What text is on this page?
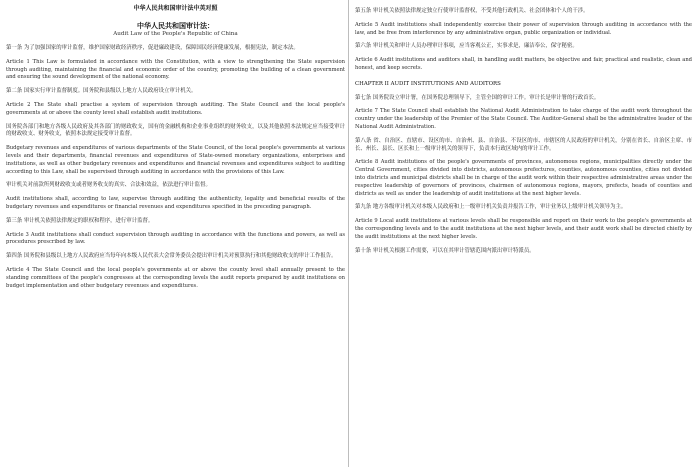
中华人民共和国审计法中英对照
中华人民共和国审计法：
Audit Law of the People's Republic of China

第一条 为了加强国家的审计监督，维护国家财政经济秩序，促进廉政建设，保障国民经济健康发展，根据宪法，制定本法。

Article 1 This Law is formulated in accordance with the Constitution, with a view to strengthening the State supervision through auditing, maintaining the financial and economic order of the country, promoting the building of a clean government and ensuring the sound development of the national economy.

第二条 国家实行审计监督制度。国务院和县级以上地方人民政府设立审计机关。

Article 2 The State shall practise a system of supervision through auditing. The State Council and the local people's governments at or above the county level shall establish audit institutions.

国务院各部门和地方各级人民政府及其各部门的财政收支，国有的金融机构和企业事业组织的财务收支，以及其他依照本法规定应当接受审计的财政收支、财务收支，依照本法规定接受审计监督。

Budgetary revenues and expenditures of various departments of the State Council, of the local people's governments at various levels and their departments, financial revenues and expenditures of State-owned monetary organizations, enterprises and institutions, as well as other budgetary revenues and expenditures and financial revenues and expenditures subject to auditing according to this Law, shall be supervised through auditing in accordance with the provisions of this Law.

审计机关对前款所列财政收支或者财务收支的真实、合法和效益，依法进行审计监督。

Audit institutions shall, according to law, supervise through auditing the authenticity, legality and beneficial results of the budgetary revenues and expenditures or financial revenues and expenditures specified in the preceding paragraph.

第三条 审计机关依照法律规定的职权和程序，进行审计监督。

Article 3 Audit institutions shall conduct supervision through auditing in accordance with the functions and powers, as well as procedures prescribed by law.

第四条 国务院和县级以上地方人民政府应当每年向本级人民代表大会常务委员会提出审计机关对预算执行和其他财政收支的审计工作报告。

Article 4 The State Council and the local people's governments at or above the county level shall annually present to the standing committees of the people's congresses at the corresponding levels the audit reports prepared by audit institutions on budget implementation and other budgetary revenues and expenditures.

第五条 审计机关依照法律规定独立行使审计监督权，不受其他行政机关、社会团体和个人的干涉。

Article 5 Audit institutions shall independently exercise their power of supervision through auditing in accordance with the law, and be free from interference by any administrative organ, public organization or individual.

第六条 审计机关和审计人员办理审计事项，应当客观公正，实事求是，廉洁奉公，保守秘密。

Article 6 Audit institutions and auditors shall, in handling audit matters, be objective and fair, practical and realistic, clean and honest, and keep secrets.

CHAPTER II AUDIT INSTITUTIONS AND AUDITORS

第七条 国务院设立审计署，在国务院总理领导下，主管全国的审计工作。审计长是审计署的行政首长。

Article 7 The State Council shall establish the National Audit Administration to take charge of the audit work throughout the country under the leadership of the Premier of the State Council. The Auditor-General shall be the administrative leader of the National Audit Administration.

第八条 省、自治区、直辖市、设区的市、自治州、县、自治县、不设区的市、市辖区的人民政府的审计机关，分别在省长、自治区主席、市长、州长、县长、区长和上一级审计机关的领导下，负责本行政区域内的审计工作。

Article 8 Audit institutions of the people's governments of provinces, autonomous regions, municipalities directly under the Central Government, cities divided into districts, autonomous prefectures, counties, autonomous counties, cities not divided into districts and municipal districts shall be in charge of the audit work within their respective administrative areas under the respective leadership of governors of provinces, chairmen of autonomous regions, mayors, prefects, heads of counties and districts as well as under the leadership of audit institutions at the next higher levels.

第九条 地方各级审计机关对本级人民政府和上一级审计机关负责并报告工作，审计业务以上级审计机关领导为主。

Article 9 Local audit institutions at various levels shall be responsible and report on their work to the people's governments at the corresponding levels and to the audit institutions at the next higher levels, and their audit work shall be directed chiefly by the audit institutions at the next higher levels.

第十条 审计机关根据工作需要，可以在其审计管辖范围内派出审计特派员。
